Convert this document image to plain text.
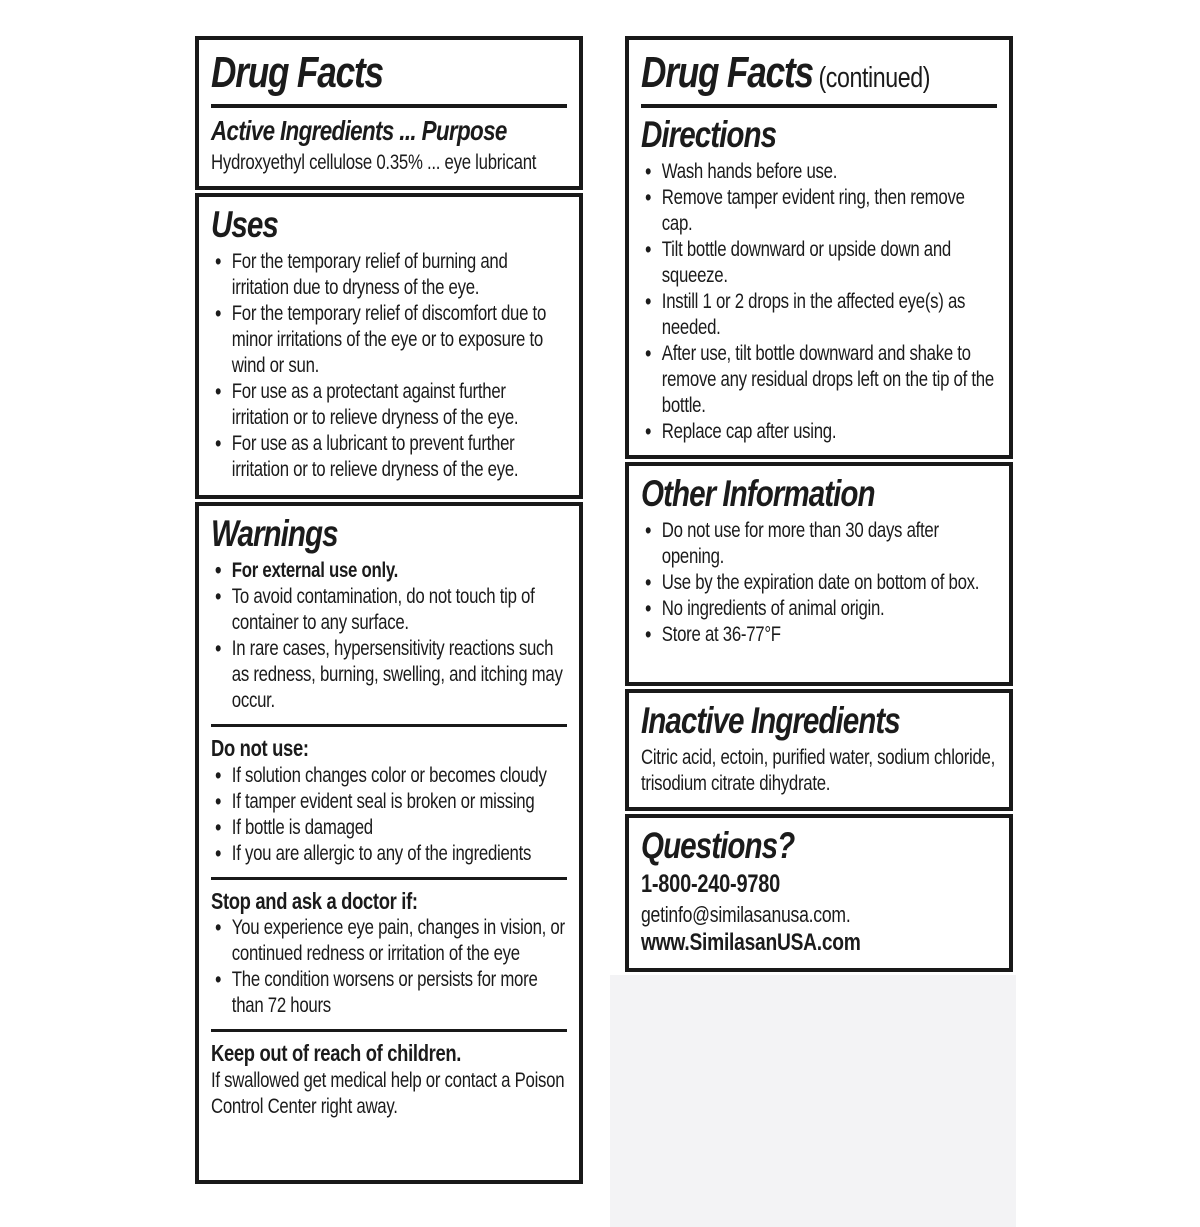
Drug Facts
Active Ingredients ... Purpose
Hydroxyethyl cellulose 0.35% ... eye lubricant
Uses
• For the temporary relief of burning and irritation due to dryness of the eye.
• For the temporary relief of discomfort due to minor irritations of the eye or to exposure to wind or sun.
• For use as a protectant against further irritation or to relieve dryness of the eye.
• For use as a lubricant to prevent further irritation or to relieve dryness of the eye.
Warnings
• For external use only.
• To avoid contamination, do not touch tip of container to any surface.
• In rare cases, hypersensitivity reactions such as redness, burning, swelling, and itching may occur.
Do not use:
• If solution changes color or becomes cloudy
• If tamper evident seal is broken or missing
• If bottle is damaged
• If you are allergic to any of the ingredients
Stop and ask a doctor if:
• You experience eye pain, changes in vision, or continued redness or irritation of the eye
• The condition worsens or persists for more than 72 hours
Keep out of reach of children.
If swallowed get medical help or contact a Poison Control Center right away.
Drug Facts (continued)
Directions
• Wash hands before use.
• Remove tamper evident ring, then remove cap.
• Tilt bottle downward or upside down and squeeze.
• Instill 1 or 2 drops in the affected eye(s) as needed.
• After use, tilt bottle downward and shake to remove any residual drops left on the tip of the bottle.
• Replace cap after using.
Other Information
• Do not use for more than 30 days after opening.
• Use by the expiration date on bottom of box.
• No ingredients of animal origin.
• Store at 36-77°F
Inactive Ingredients
Citric acid, ectoin, purified water, sodium chloride, trisodium citrate dihydrate.
Questions?
1-800-240-9780
getinfo@similasanusa.com.
www.SimilasanUSA.com
